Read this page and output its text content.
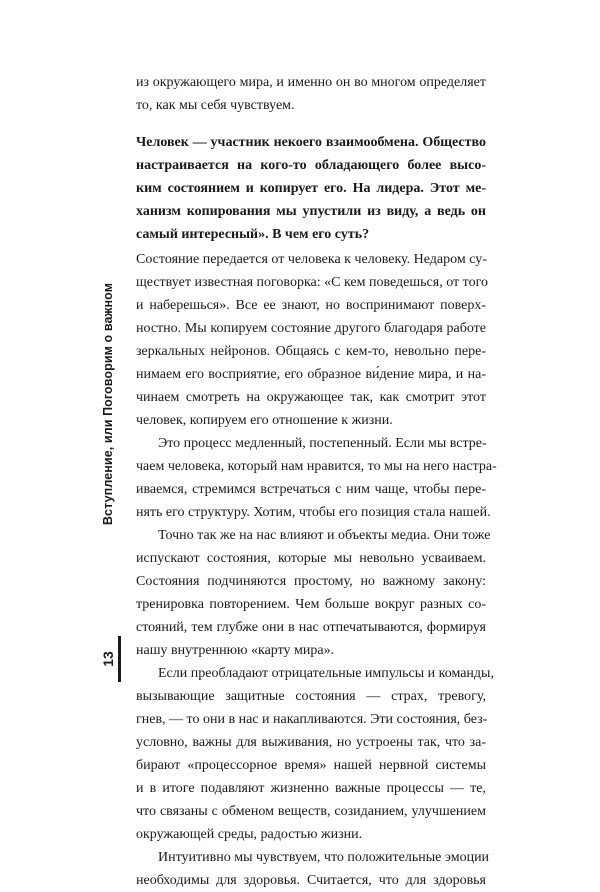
Вступление, или Поговорим о важном
13

из окружающего мира, и именно он во многом определяет
то, как мы себя чувствуем.

Человек — участник некоего взаимообмена. Общество
настраивается на кого-то обладающего более высо-
ким состоянием и копирует его. На лидера. Этот ме-
ханизм копирования мы упустили из виду, а ведь он
самый интересный». В чем его суть?

Состояние передается от человека к человеку. Недаром су-
ществует известная поговорка: «С кем поведешься, от того
и наберешься». Все ее знают, но воспринимают поверх-
ностно. Мы копируем состояние другого благодаря работе
зеркальных нейронов. Общаясь с кем-то, невольно пере-
нимаем его восприятие, его образное ви́дение мира, и на-
чинаем смотреть на окружающее так, как смотрит этот
человек, копируем его отношение к жизни.

Это процесс медленный, постепенный. Если мы встре-
чаем человека, который нам нравится, то мы на него настра-
иваемся, стремимся встречаться с ним чаще, чтобы пере-
нять его структуру. Хотим, чтобы его позиция стала нашей.

Точно так же на нас влияют и объекты медиа. Они тоже
испускают состояния, которые мы невольно усваиваем.
Состояния подчиняются простому, но важному закону:
тренировка повторением. Чем больше вокруг разных со-
стояний, тем глубже они в нас отпечатываются, формируя
нашу внутреннюю «карту мира».

Если преобладают отрицательные импульсы и команды,
вызывающие защитные состояния — страх, тревогу,
гнев, — то они в нас и накапливаются. Эти состояния, без-
условно, важны для выживания, но устроены так, что за-
бирают «процессорное время» нашей нервной системы
и в итоге подавляют жизненно важные процессы — те,
что связаны с обменом веществ, созиданием, улучшением
окружающей среды, радостью жизни.

Интуитивно мы чувствуем, что положительные эмоции
необходимы для здоровья. Считается, что для здоровья
